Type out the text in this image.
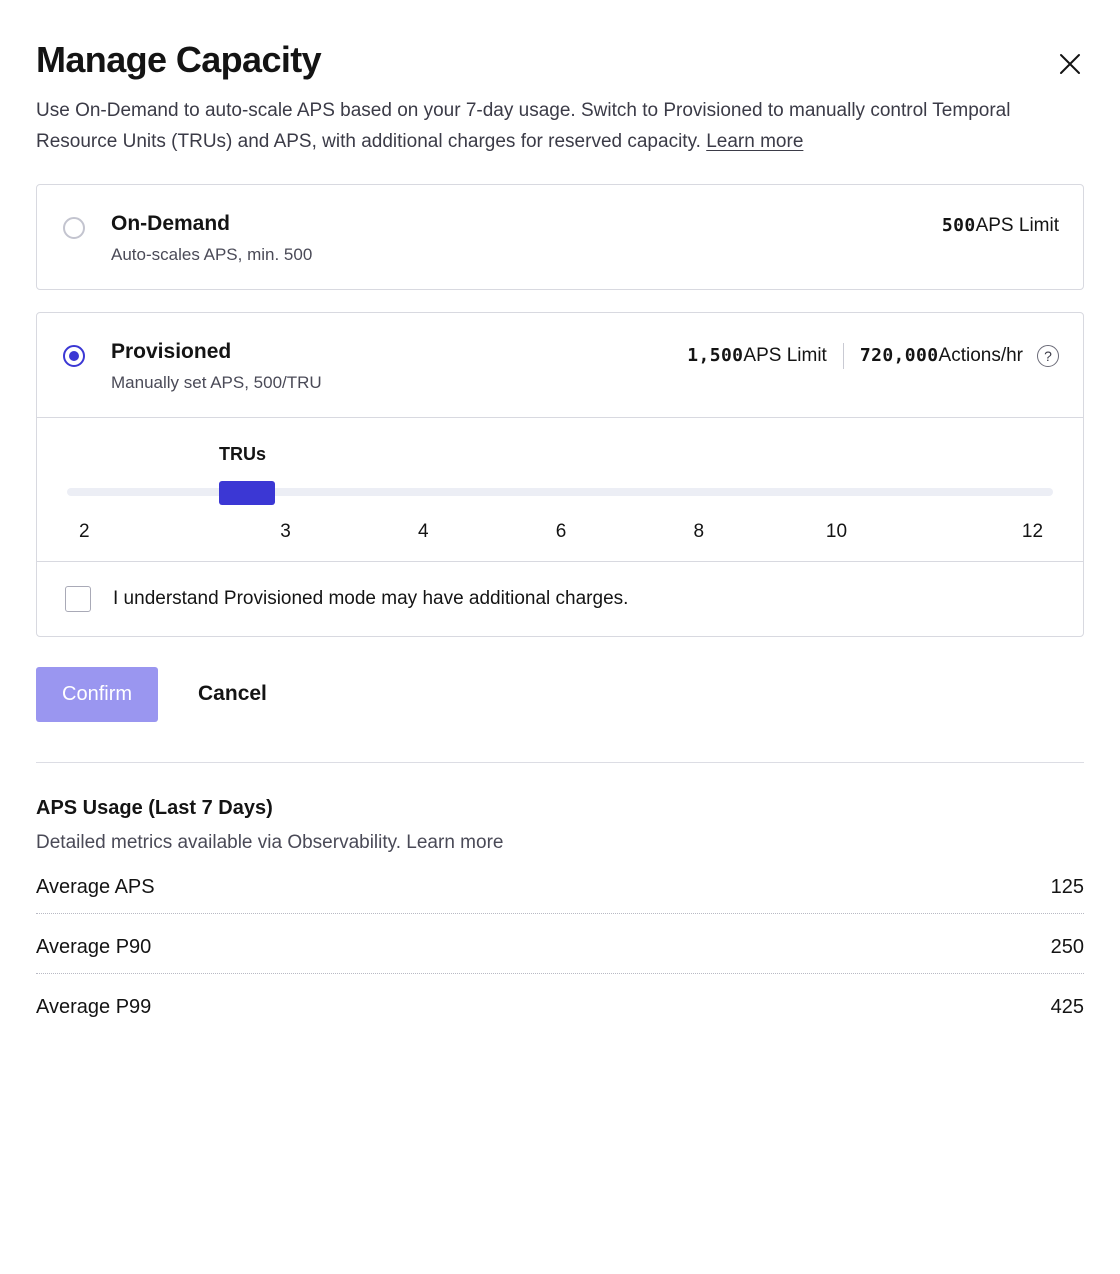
Manage Capacity
Use On-Demand to auto-scale APS based on your 7-day usage. Switch to Provisioned to manually control Temporal Resource Units (TRUs) and APS, with additional charges for reserved capacity. Learn more
On-Demand
Auto-scales APS, min. 500
500 APS Limit
Provisioned
Manually set APS, 500/TRU
1,500 APS Limit 720,000 Actions/hr	?
TRUs
2	3	4	6	8	10	12
I understand Provisioned mode may have additional charges.
Confirm	Cancel
APS Usage (Last 7 Days)
Detailed metrics available via Observability. Learn more
Average APS	125
Average P90	250
Average P99	425
